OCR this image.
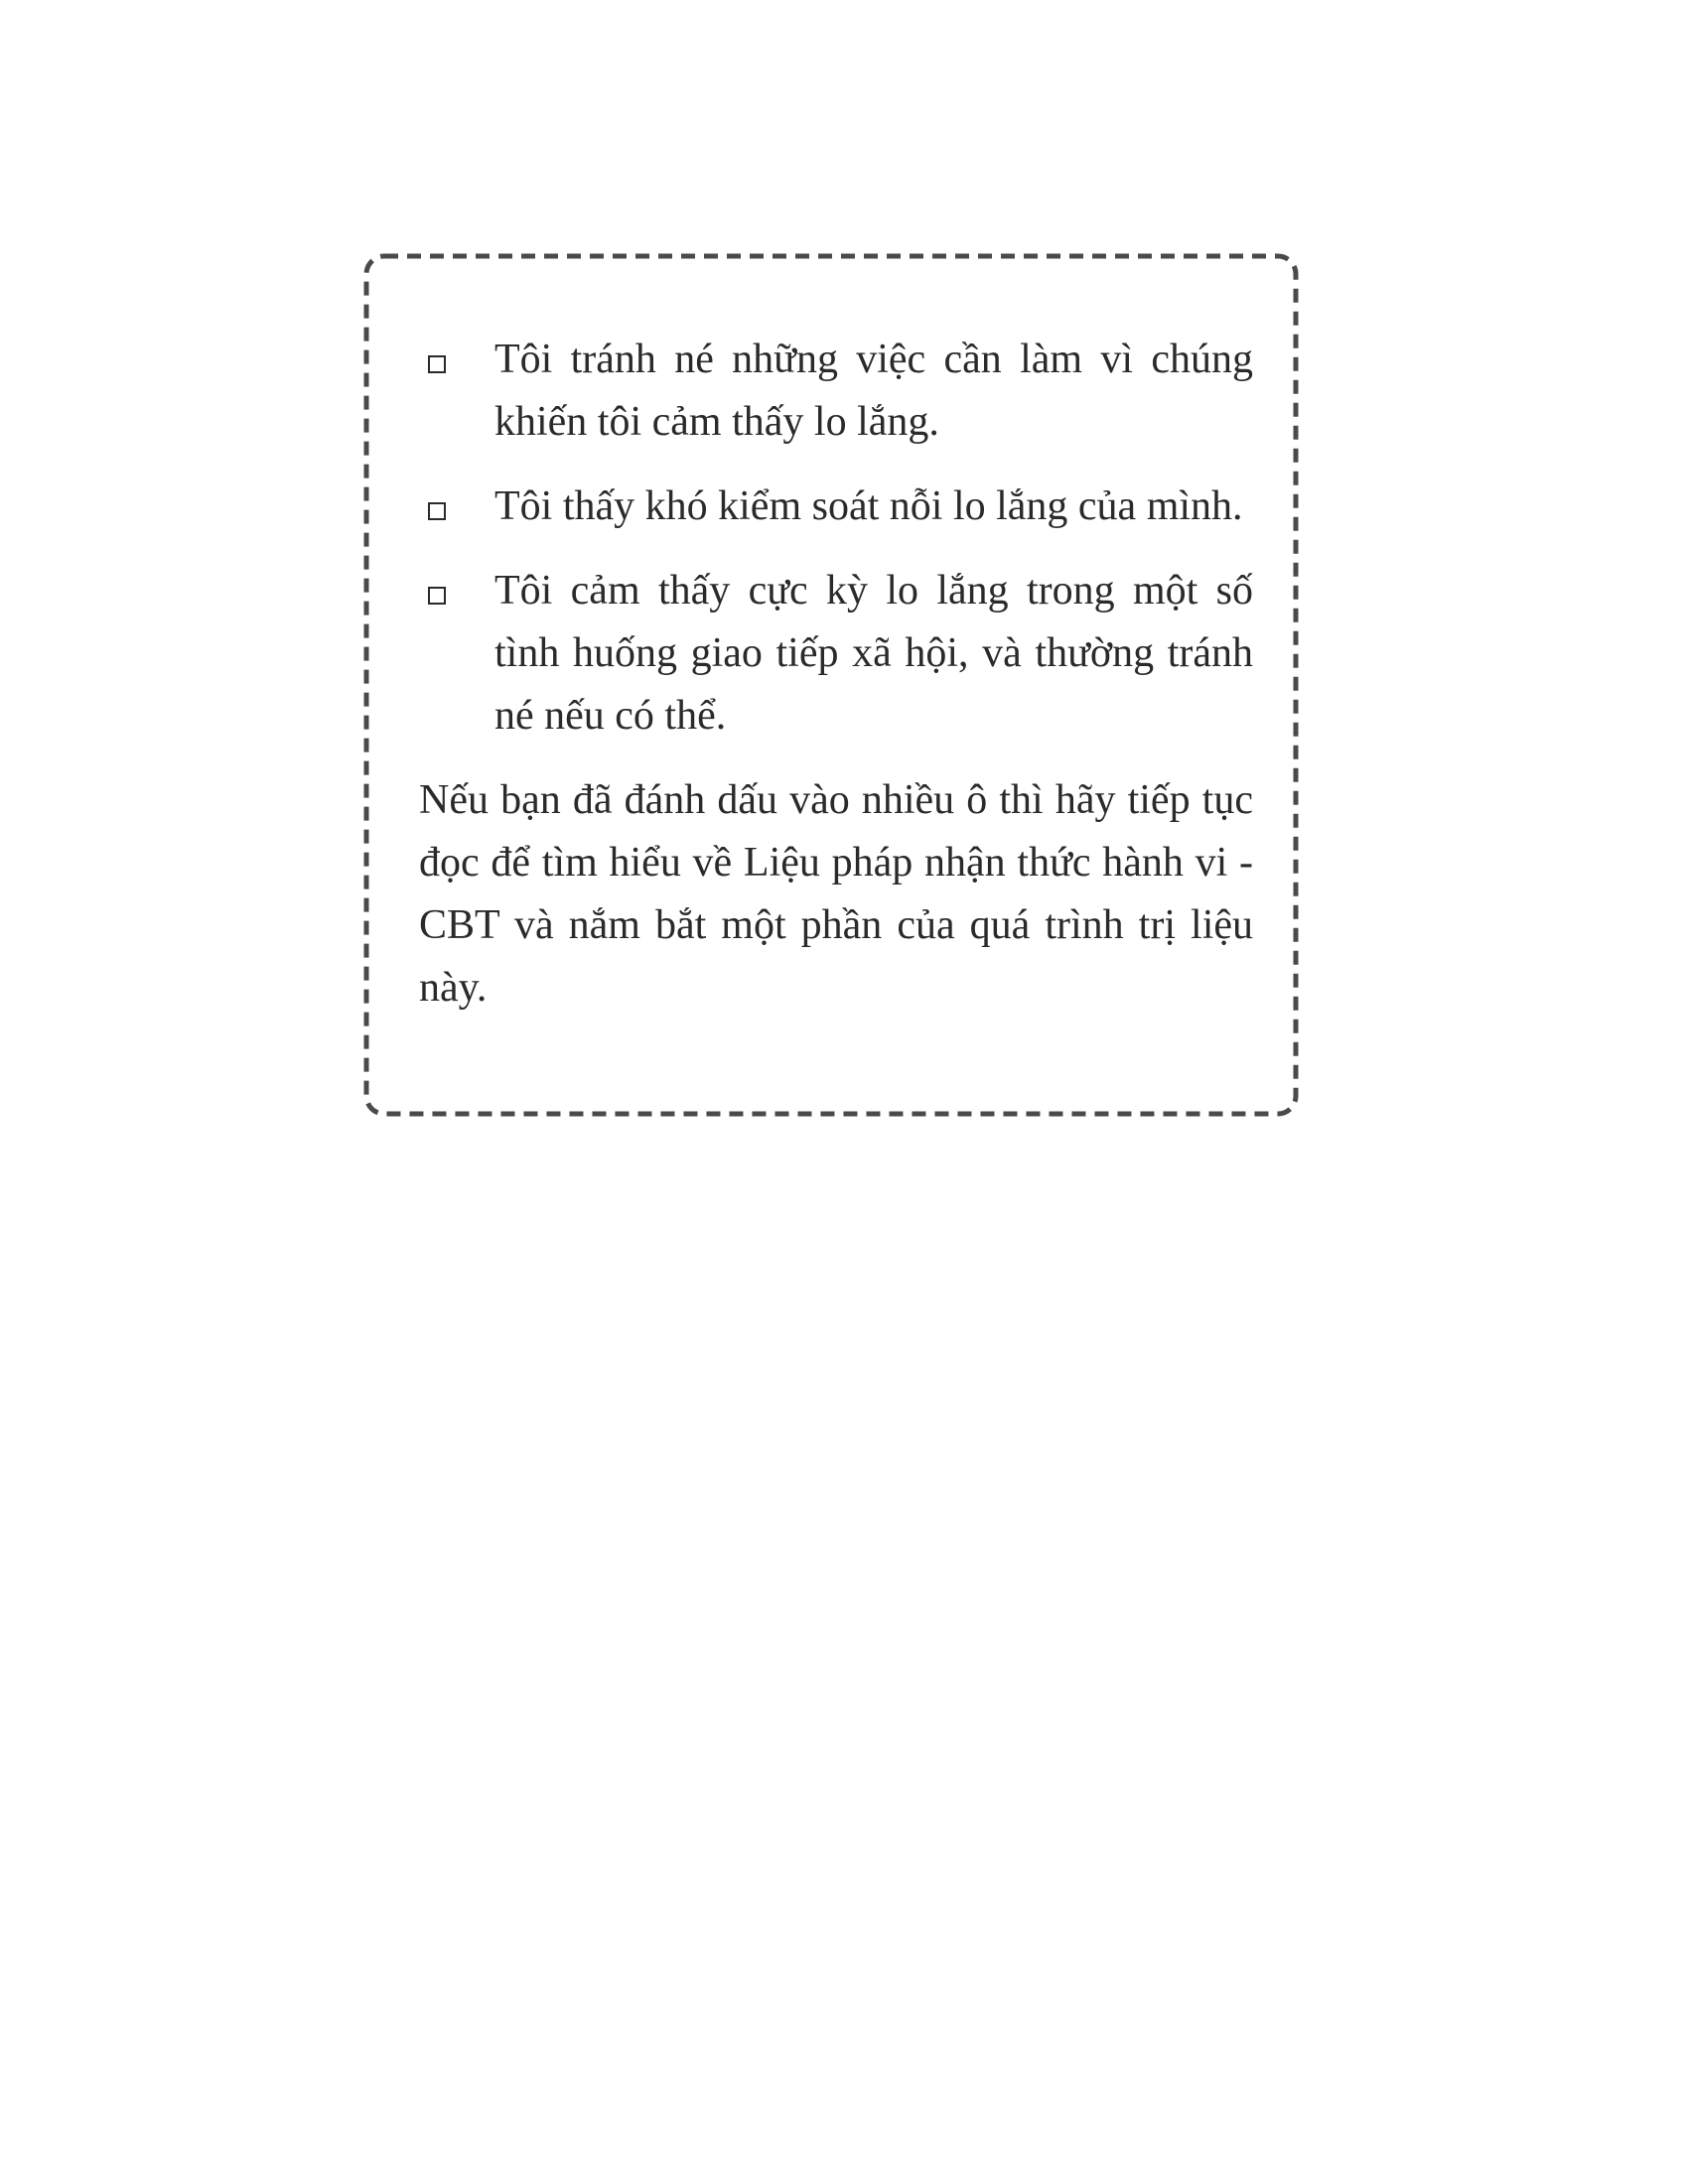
Tôi tránh né những việc cần làm vì chúng khiến tôi cảm thấy lo lắng.
Tôi thấy khó kiểm soát nỗi lo lắng của mình.
Tôi cảm thấy cực kỳ lo lắng trong một số tình huống giao tiếp xã hội, và thường tránh né nếu có thể.

Nếu bạn đã đánh dấu vào nhiều ô thì hãy tiếp tục đọc để tìm hiểu về Liệu pháp nhận thức hành vi - CBT và nắm bắt một phần của quá trình trị liệu này.
